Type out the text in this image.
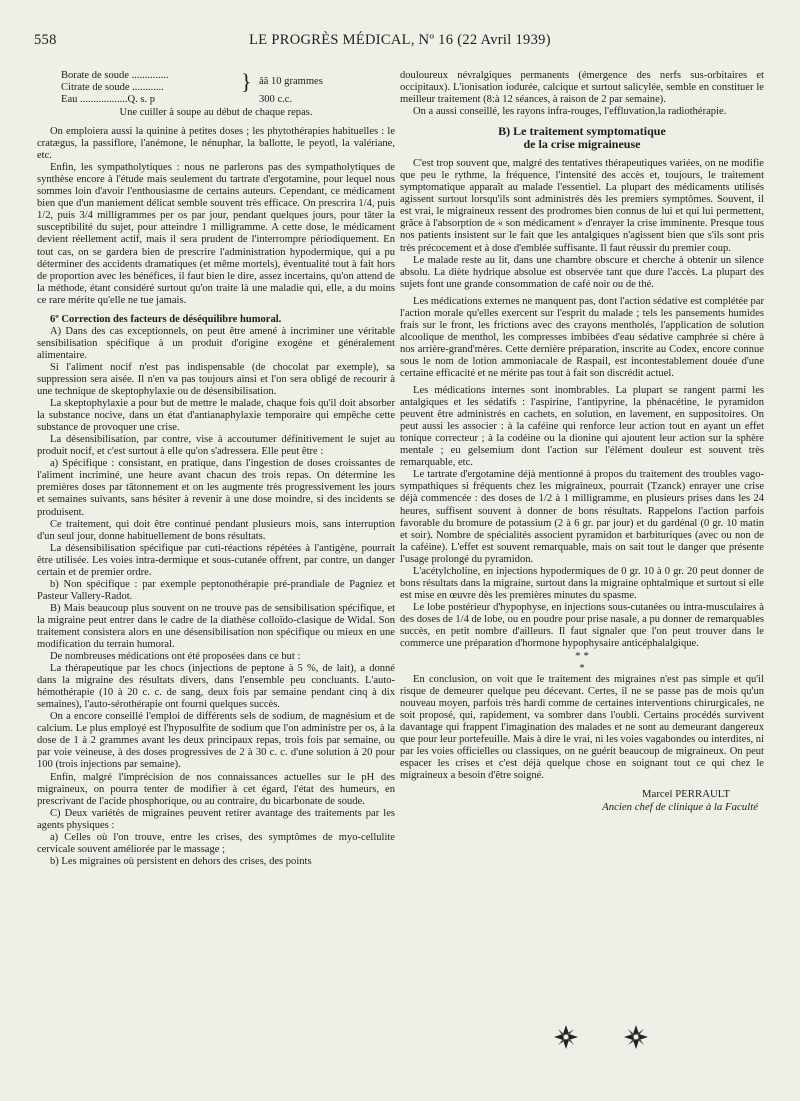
558	LE PROGRÈS MÉDICAL, Nº 16 (22 Avril 1939)
Borate de soude ..............
Citrate de soude ............
Eau ..................Q. s. p
} ââ 10 grammes
300 c.c.

Une cuiller à soupe au début de chaque repas.

On emploiera aussi la quinine à petites doses ; les phytothérapies habituelles : le cratægus, la passiflore, l'anémone, le nénuphar, la ballotte, le peyotl, la valériane, etc.

Enfin, les sympatholytiques : nous ne parlerons pas des sympatholytiques de synthèse encore à l'étude mais seulement du tartrate d'ergotamine, pour lequel nous sommes loin d'avoir l'enthousiasme de certains auteurs. Cependant, ce médicament bien que d'un maniement délicat semble souvent très efficace. On prescrira 1/4, puis 1/2, puis 3/4 milligrammes per os par jour, pendant quelques jours, pour tâter la susceptibilité du sujet, pour atteindre 1 milligramme. A cette dose, le médicament devient réellement actif, mais il sera prudent de l'interrompre périodiquement. En tout cas, on se gardera bien de prescrire l'administration hypodermique, qui a pu déterminer des accidents dramatiques (et même mortels), éventualité tout à fait hors de proportion avec les bénéfices, il faut bien le dire, assez incertains, qu'on attend de la méthode, étant considéré surtout qu'on traite là une maladie qui, elle, a du moins ce rare mérite qu'elle ne tue jamais.

6º Correction des facteurs de déséquilibre humoral.

A) Dans des cas exceptionnels, on peut être amené à incriminer une véritable sensibilisation spécifique à un produit d'origine exogène et généralement alimentaire.

Si l'aliment nocif n'est pas indispensable (de chocolat par exemple), sa suppression sera aisée. Il n'en va pas toujours ainsi et l'on sera obligé de recourir à une technique de skeptophylaxie ou de désensibilisation.

La skeptophylaxie a pour but de mettre le malade, chaque fois qu'il doit absorber la substance nocive, dans un état d'antianaphylaxie temporaire qui empêche cette substance de provoquer une crise.

La désensibilisation, par contre, vise à accoutumer définitivement le sujet au produit nocif, et c'est surtout à elle qu'on s'adressera. Elle peut être :

a) Spécifique : consistant, en pratique, dans l'ingestion de doses croissantes de l'aliment incriminé, une heure avant chacun des trois repas. On détermine les premières doses par tâtonnement et on les augmente très progressivement les jours et semaines suivants, sans hésiter à revenir à une dose moindre, si des incidents se produisent.

Ce traitement, qui doit être continué pendant plusieurs mois, sans interruption d'un seul jour, donne habituellement de bons résultats.

La désensibilisation spécifique par cuti-réactions répétées à l'antigène, pourrait être utilisée. Les voies intra-dermique et sous-cutanée offrent, par contre, un danger certain et de premier ordre.

b) Non spécifique : par exemple peptonothérapie pré-prandiale de Pagniez et Pasteur Vallery-Radot.

B) Mais beaucoup plus souvent on ne trouve pas de sensibilisation spécifique, et la migraine peut entrer dans le cadre de la diathèse colloïdo-clasique de Widal. Son traitement consistera alors en une désensibilisation non spécifique ou mieux en une modification du terrain humoral.

De nombreuses médications ont été proposées dans ce but :

La thérapeutique par les chocs (injections de peptone à 5 %, de lait), a donné dans la migraine des résultats divers, dans l'ensemble peu concluants. L'auto-hémothérapie (10 à 20 c. c. de sang, deux fois par semaine pendant cinq à dix semaines), l'auto-sérothérapie ont fourni quelques succès.

On a encore conseillé l'emploi de différents sels de sodium, de magnésium et de calcium. Le plus employé est l'hyposulfite de sodium que l'on administre per os, à la dose de 1 à 2 grammes avant les deux principaux repas, trois fois par semaine, ou par voie veineuse, à des doses progressives de 2 à 30 c. c. d'une solution à 20 pour 100 (trois injections par semaine).

Enfin, malgré l'imprécision de nos connaissances actuelles sur le pH des migraineux, on pourra tenter de modifier à cet égard, l'état des humeurs, en prescrivant de l'acide phosphorique, ou au contraire, du bicarbonate de soude.

C) Deux variétés de migraines peuvent retirer avantage des traitements par les agents physiques :

a) Celles où l'on trouve, entre les crises, des symptômes de myo-cellulite cervicale souvent améliorée par le massage ;

b) Les migraines où persistent en dehors des crises, des points

douloureux névralgiques permanents (émergence des nerfs sus-orbitaires et occipitaux). L'ionisation iodurée, calcique et surtout salicylée, semble en constituer le meilleur traitement (8:à 12 séances, à raison de 2 par semaine).

On a aussi conseillé, les rayons infra-rouges, l'effluvation,la radiothérapie.

B) Le traitement symptomatique
de la crise migraineuse

C'est trop souvent que, malgré des tentatives thérapeutiques variées, on ne modifie que peu le rythme, la fréquence, l'intensité des accès et, toujours, le traitement symptomatique apparaît au malade l'essentiel. La plupart des médicaments utilisés agissent surtout lorsqu'ils sont administrés dès les premiers symptômes. Souvent, il est vrai, le migraineux ressent des prodromes bien connus de lui et qui lui permettent, grâce à l'absorption de « son médicament » d'enrayer la crise imminente. Presque tous nos patients insistent sur le fait que les antalgiques n'agissent bien que s'ils sont pris très précocement et à dose d'emblée suffisante. Il faut réussir du premier coup.

Le malade reste au lit, dans une chambre obscure et cherche à obtenir un silence absolu. La diète hydrique absolue est observée tant que dure l'accès. La plupart des sujets font une grande consommation de café noir ou de thé.

Les médications externes ne manquent pas, dont l'action sédative est complétée par l'action morale qu'elles exercent sur l'esprit du malade ; tels les pansements humides frais sur le front, les frictions avec des crayons mentholés, l'application de solution alcoolique de menthol, les compresses imbibées d'eau sédative camphrée si chère à nos arrière-grand'mères. Cette dernière préparation, inscrite au Codex, encore connue sous le nom de lotion ammoniacale de Raspail, est incontestablement douée d'une certaine efficacité et ne mérite pas tout à fait son discrédit actuel.

Les médications internes sont inombrables. La plupart se rangent parmi les antalgiques et les sédatifs : l'aspirine, l'antipyrine, la phénacétine, le pyramidon peuvent être administrés en cachets, en solution, en lavement, en suppositoires. On peut aussi les associer : à la caféine qui renforce leur action tout en ayant un effet tonique correcteur ; à la codéine ou la dionine qui ajoutent leur action sur la sphère mentale ; eu gelsemium dont l'action sur l'élément douleur est souvent très remarquable, etc.

Le tartrate d'ergotamine déjà mentionné à propos du traitement des troubles vago-sympathiques si fréquents chez les migraineux, pourrait (Tzanck) enrayer une crise déjà commencée : des doses de 1/2 à 1 milligramme, en plusieurs prises dans les 24 heures, suffisent souvent à donner de bons résultats. Rappelons l'action parfois favorable du bromure de potassium (2 à 6 gr. par jour) et du gardénal (0 gr. 10 matin et soir). Nombre de spécialités associent pyramidon et barbituriques (avec ou non de la caféine). L'effet est souvent remarquable, mais on sait tout le danger que présente l'usage prolongé du pyramidon.

L'acétylcholine, en injections hypodermiques de 0 gr. 10 à 0 gr. 20 peut donner de bons résultats dans la migraine, surtout dans la migraine ophtalmique et surtout si elle est mise en œuvre dès les premières minutes du spasme.

Le lobe postérieur d'hypophyse, en injections sous-cutanées ou intra-musculaires à des doses de 1/4 de lobe, ou en poudre pour prise nasale, a pu donner de remarquables succès, en petit nombre d'ailleurs. Il faut signaler que l'on peut trouver dans le commerce une préparation d'hormone hypophysaire anticéphalalgique.

* *
*

En conclusion, on voit que le traitement des migraines n'est pas simple et qu'il risque de demeurer quelque peu décevant. Certes, il ne se passe pas de mois qu'un nouveau moyen, parfois très hardi comme de certaines interventions chirurgicales, ne soit proposé, qui, rapidement, va sombrer dans l'oubli. Certains procédés survivent davantage qui frappent l'imagination des malades et ne sont au demeurant dangereux que pour leur portefeuille. Mais à dire le vrai, ni les voies vagabondes ou interdites, ni par les voies officielles ou classiques, on ne guérit beaucoup de migraineux. On peut espacer les crises et c'est déjà quelque chose en soignant tout ce qui chez le migraineux a besoin d'être soigné.

Marcel PERRAULT
Ancien chef de clinique à la Faculté
